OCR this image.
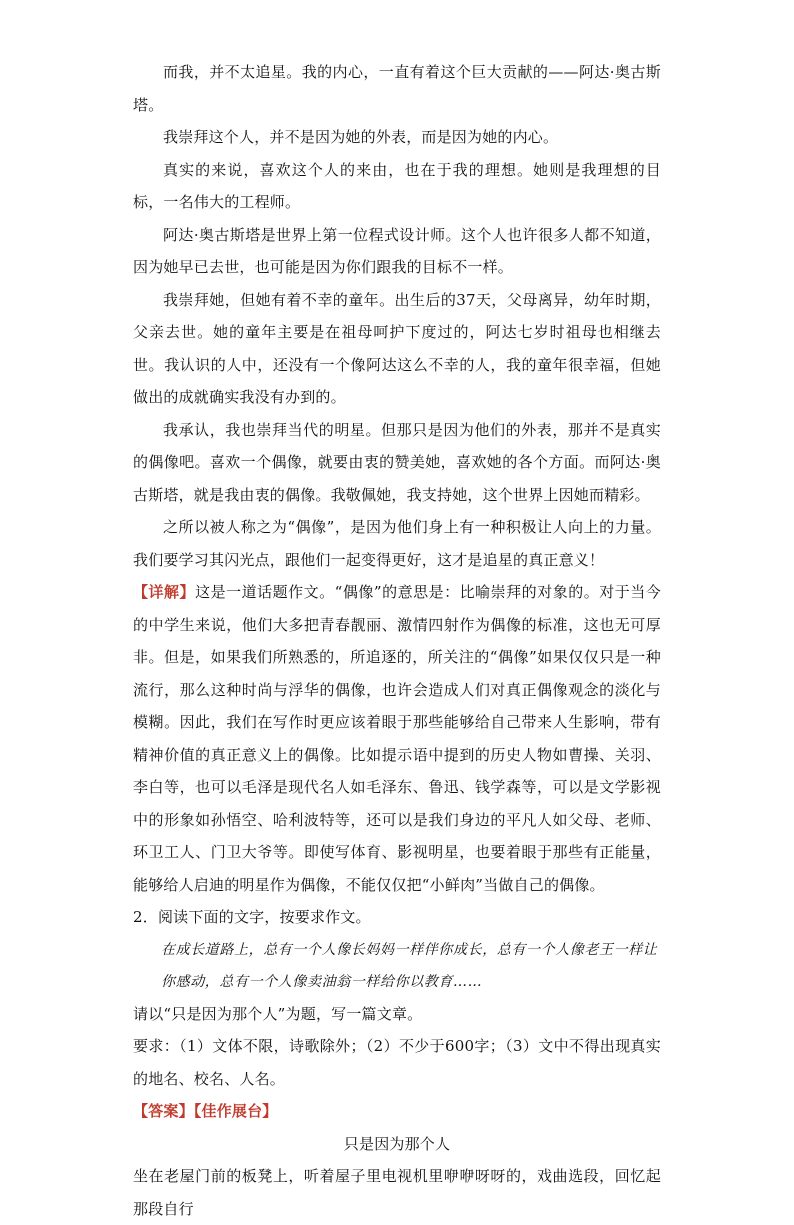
而我，并不太追星。我的内心，一直有着这个巨大贡献的——阿达·奥古斯塔。

我崇拜这个人，并不是因为她的外表，而是因为她的内心。

真实的来说，喜欢这个人的来由，也在于我的理想。她则是我理想的目标，一名伟大的工程师。

阿达·奥古斯塔是世界上第一位程式设计师。这个人也许很多人都不知道，因为她早已去世，也可能是因为你们跟我的目标不一样。

我崇拜她，但她有着不幸的童年。出生后的37天，父母离异，幼年时期，父亲去世。她的童年主要是在祖母呵护下度过的，阿达七岁时祖母也相继去世。我认识的人中，还没有一个像阿达这么不幸的人，我的童年很幸福，但她做出的成就确实我没有办到的。

我承认，我也崇拜当代的明星。但那只是因为他们的外表，那并不是真实的偶像吧。喜欢一个偶像，就要由衷的赞美她，喜欢她的各个方面。而阿达·奥古斯塔，就是我由衷的偶像。我敬佩她，我支持她，这个世界上因她而精彩。

之所以被人称之为“偶像”，是因为他们身上有一种积极让人向上的力量。我们要学习其闪光点，跟他们一起变得更好，这才是追星的真正意义！

【详解】这是一道话题作文。“偶像”的意思是：比喻崇拜的对象的。对于当今的中学生来说，他们大多把青春靓丽、激情四射作为偶像的标准，这也无可厚非。但是，如果我们所熟悉的，所追逐的，所关注的“偶像”如果仅仅只是一种流行，那么这种时尚与浮华的偶像，也许会造成人们对真正偶像观念的淡化与模糊。因此，我们在写作时更应该着眼于那些能够给自己带来人生影响，带有精神价值的真正意义上的偶像。比如提示语中提到的历史人物如曹操、关羽、李白等，也可以毛泽是现代名人如毛泽东、鲁迅、钱学森等，可以是文学影视中的形象如孙悟空、哈利波特等，还可以是我们身边的平凡人如父母、老师、环卫工人、门卫大爷等。即使写体育、影视明星，也要着眼于那些有正能量，能够给人启迪的明星作为偶像，不能仅仅把“小鲜肉”当做自己的偶像。

2．阅读下面的文字，按要求作文。

在成长道路上，总有一个人像长妈妈一样伴你成长，总有一个人像老王一样让你感动，总有一个人像卖油翁一样给你以教育……

请以“只是因为那个人”为题，写一篇文章。

要求：（1）文体不限，诗歌除外；（2）不少于600字；（3）文中不得出现真实的地名、校名、人名。

【答案】【佳作展台】

只是因为那个人

坐在老屋门前的板凳上，听着屋子里电视机里咿咿呀呀的，戏曲选段，回忆起那段自行
